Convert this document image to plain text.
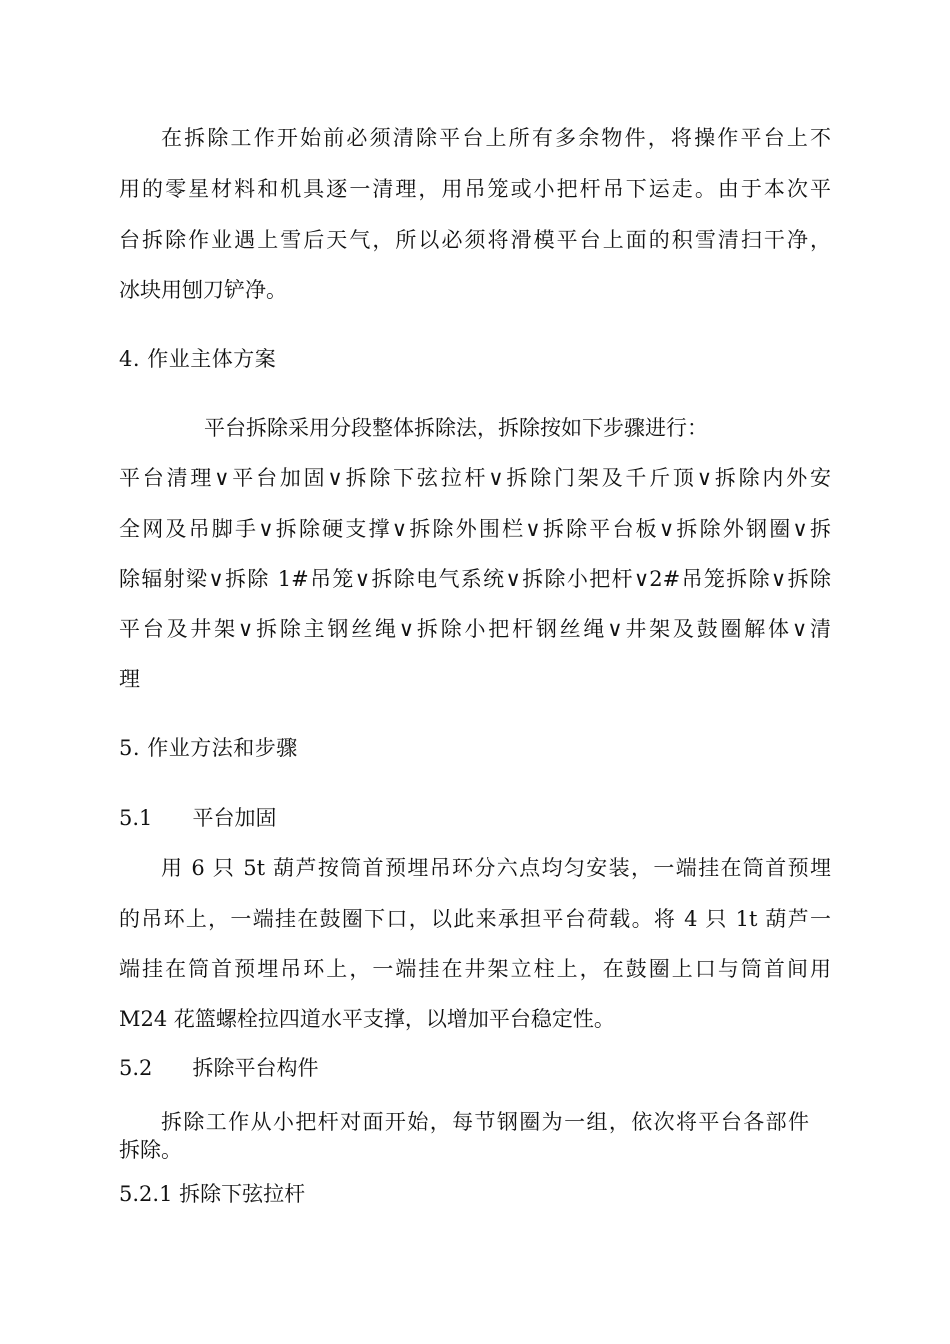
在拆除工作开始前必须清除平台上所有多余物件，将操作平台上不
用的零星材料和机具逐一清理，用吊笼或小把杆吊下运走。由于本次平
台拆除作业遇上雪后天气，所以必须将滑模平台上面的积雪清扫干净，
冰块用刨刀铲净。
4. 作业主体方案
平台拆除采用分段整体拆除法，拆除按如下步骤进行：
平台清理∨平台加固∨拆除下弦拉杆∨拆除门架及千斤顶∨拆除内外安
全网及吊脚手∨拆除硬支撑∨拆除外围栏∨拆除平台板∨拆除外钢圈∨拆
除辐射梁∨拆除 1#吊笼∨拆除电气系统∨拆除小把杆∨2#吊笼拆除∨拆除
平台及井架∨拆除主钢丝绳∨拆除小把杆钢丝绳∨井架及鼓圈解体∨清
理
5. 作业方法和步骤
5.1      平台加固
用 6 只 5t 葫芦按筒首预埋吊环分六点均匀安装，一端挂在筒首预埋
的吊环上，一端挂在鼓圈下口，以此来承担平台荷载。将 4 只 1t 葫芦一
端挂在筒首预埋吊环上，一端挂在井架立柱上，在鼓圈上口与筒首间用
M24 花篮螺栓拉四道水平支撑，以增加平台稳定性。
5.2      拆除平台构件
拆除工作从小把杆对面开始，每节钢圈为一组，依次将平台各部件
拆除。
5.2.1 拆除下弦拉杆
